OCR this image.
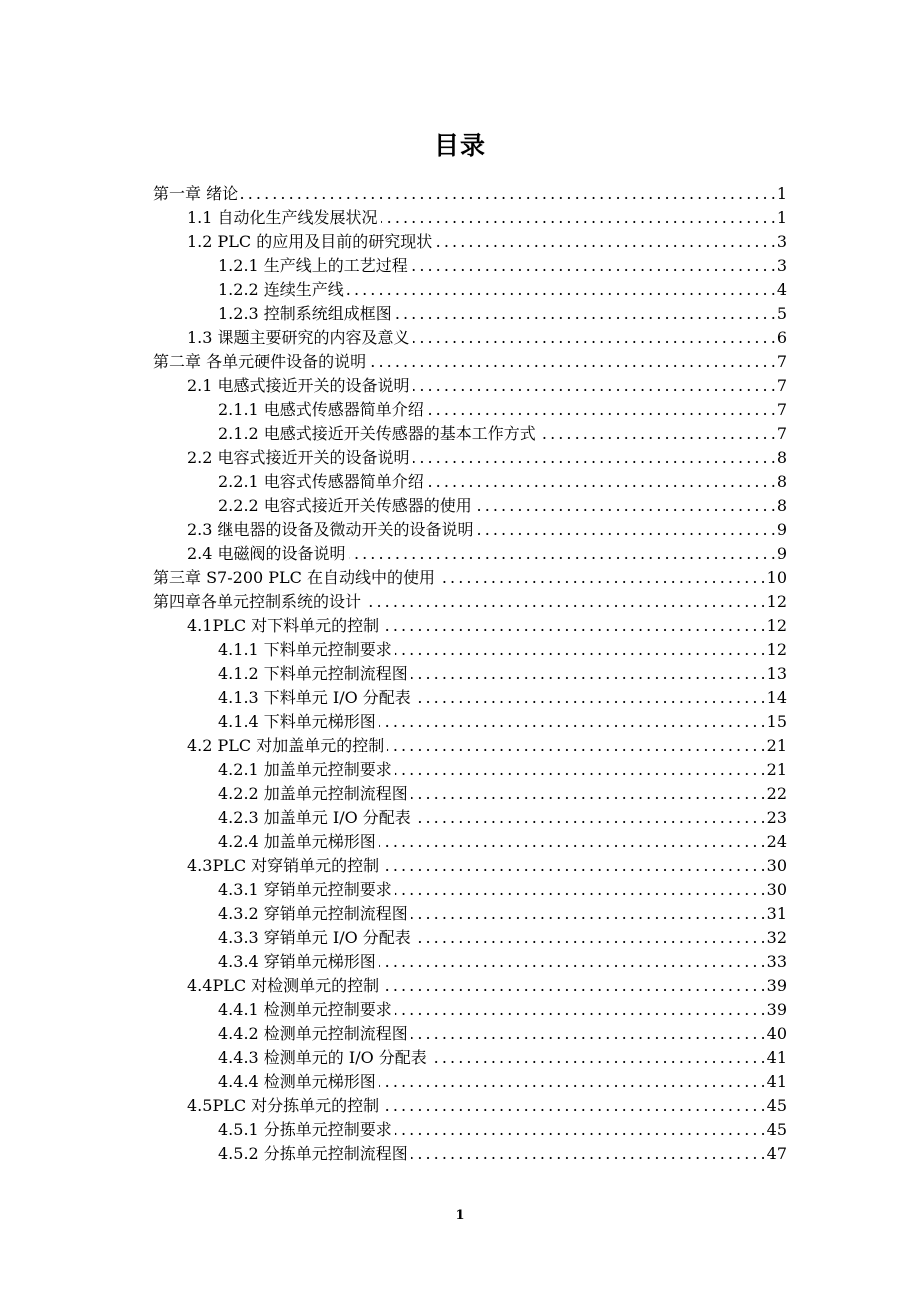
目录
第一章 绪论 . . .	1
1.1 自动化生产线发展状况 . . .	1
1.2 PLC 的应用及目前的研究现状 . . .	3
1.2.1 生产线上的工艺过程 . . .	3
1.2.2 连续生产线 . . .	4
1.2.3 控制系统组成框图 . . .	5
1.3 课题主要研究的内容及意义 . . .	6
第二章 各单元硬件设备的说明 . . .	7
2.1 电感式接近开关的设备说明 . . .	7
2.1.1 电感式传感器简单介绍 . . .	7
2.1.2 电感式接近开关传感器的基本工作方式 . . .	7
2.2 电容式接近开关的设备说明 . . .	8
2.2.1 电容式传感器简单介绍 . . .	8
2.2.2 电容式接近开关传感器的使用 . . .	8
2.3 继电器的设备及微动开关的设备说明 . . .	9
2.4 电磁阀的设备说明 . . .	9
第三章 S7-200 PLC 在自动线中的使用 . . .	10
第四章各单元控制系统的设计 . . .	12
4.1PLC 对下料单元的控制 . . .	12
4.1.1 下料单元控制要求 . . .	12
4.1.2 下料单元控制流程图 . . .	13
4.1.3 下料单元 I/O 分配表 . . .	14
4.1.4 下料单元梯形图 . . .	15
4.2 PLC 对加盖单元的控制 . . .	21
4.2.1 加盖单元控制要求 . . .	21
4.2.2 加盖单元控制流程图 . . .	22
4.2.3 加盖单元 I/O 分配表 . . .	23
4.2.4 加盖单元梯形图 . . .	24
4.3PLC 对穿销单元的控制 . . .	30
4.3.1 穿销单元控制要求 . . .	30
4.3.2 穿销单元控制流程图 . . .	31
4.3.3 穿销单元 I/O 分配表 . . .	32
4.3.4 穿销单元梯形图 . . .	33
4.4PLC 对检测单元的控制 . . .	39
4.4.1 检测单元控制要求 . . .	39
4.4.2 检测单元控制流程图 . . .	40
4.4.3 检测单元的 I/O 分配表 . . .	41
4.4.4 检测单元梯形图 . . .	41
4.5PLC 对分拣单元的控制 . . .	45
4.5.1 分拣单元控制要求 . . .	45
4.5.2 分拣单元控制流程图 . . .	47
1
